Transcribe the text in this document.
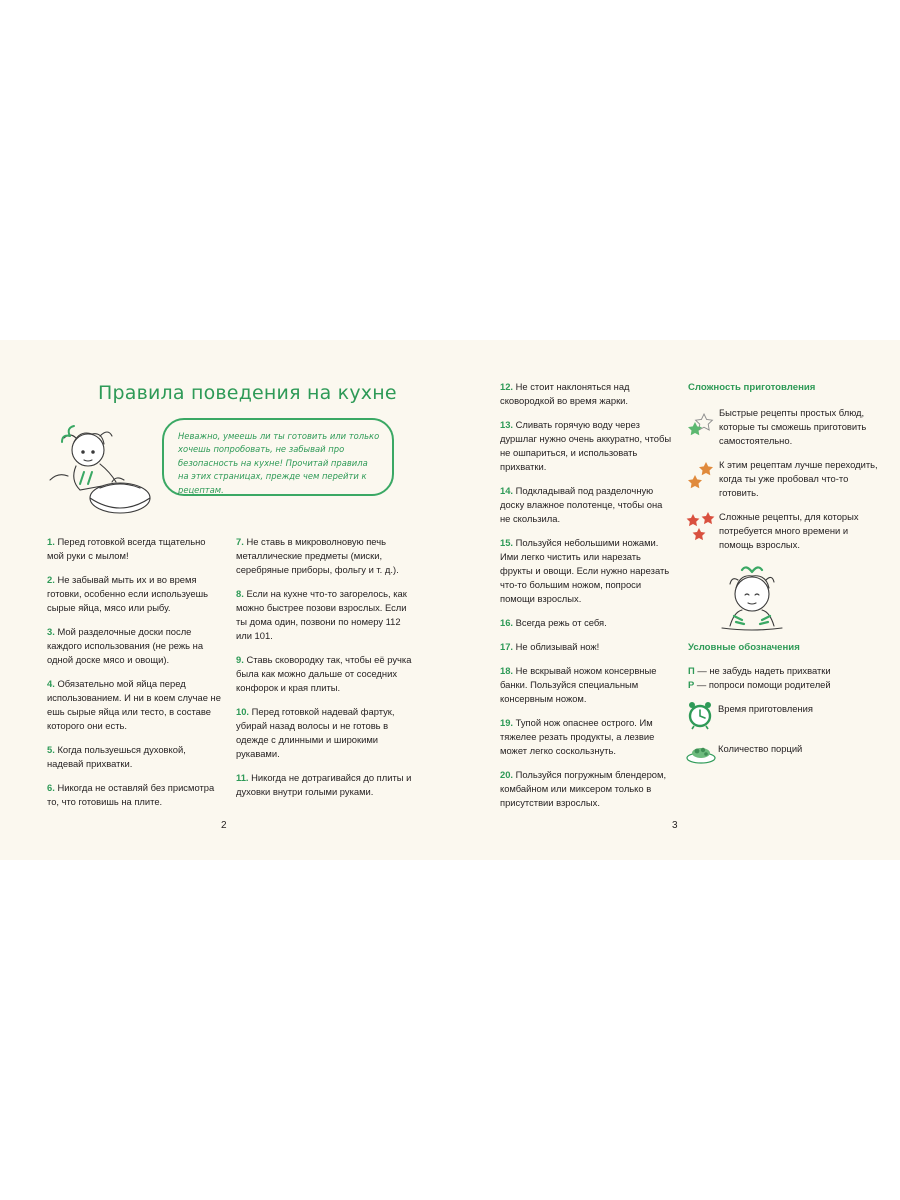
Правила поведения на кухне

Неважно, умеешь ли ты готовить или только хочешь попробовать, не забывай про безопасность на кухне! Прочитай правила на этих страницах, прежде чем перейти к рецептам.

1. Перед готовкой всегда тщательно мой руки с мылом!

2. Не забывай мыть их и во время готовки, особенно если используешь сырые яйца, мясо или рыбу.

3. Мой разделочные доски после каждого использования (не режь на одной доске мясо и овощи).

4. Обязательно мой яйца перед использованием. И ни в коем случае не ешь сырые яйца или тесто, в составе которого они есть.

5. Когда пользуешься духовкой, надевай прихватки.

6. Никогда не оставляй без присмотра то, что готовишь на плите.

7. Не ставь в микроволновую печь металлические предметы (миски, серебряные приборы, фольгу и т. д.).

8. Если на кухне что-то загорелось, как можно быстрее позови взрослых. Если ты дома один, позвони по номеру 112 или 101.

9. Ставь сковородку так, чтобы её ручка была как можно дальше от соседних конфорок и края плиты.

10. Перед готовкой надевай фартук, убирай назад волосы и не готовь в одежде с длинными и широкими рукавами.

11. Никогда не дотрагивайся до плиты и духовки внутри голыми руками.

2

12. Не стоит наклоняться над сковородкой во время жарки.

13. Сливать горячую воду через дуршлаг нужно очень аккуратно, чтобы не ошпариться, и использовать прихватки.

14. Подкладывай под разделочную доску влажное полотенце, чтобы она не скользила.

15. Пользуйся небольшими ножами. Ими легко чистить или нарезать фрукты и овощи. Если нужно нарезать что-то большим ножом, попроси помощи взрослых.

16. Всегда режь от себя.

17. Не облизывай нож!

18. Не вскрывай ножом консервные банки. Пользуйся специальным консервным ножом.

19. Тупой нож опаснее острого. Им тяжелее резать продукты, а лезвие может легко соскользнуть.

20. Пользуйся погружным блендером, комбайном или миксером только в присутствии взрослых.

Сложность приготовления

Быстрые рецепты простых блюд, которые ты сможешь приготовить самостоятельно.

К этим рецептам лучше переходить, когда ты уже пробовал что-то готовить.

Сложные рецепты, для которых потребуется много времени и помощь взрослых.

Условные обозначения

П — не забудь надеть прихватки

Р — попроси помощи родителей

Время приготовления

Количество порций

3
